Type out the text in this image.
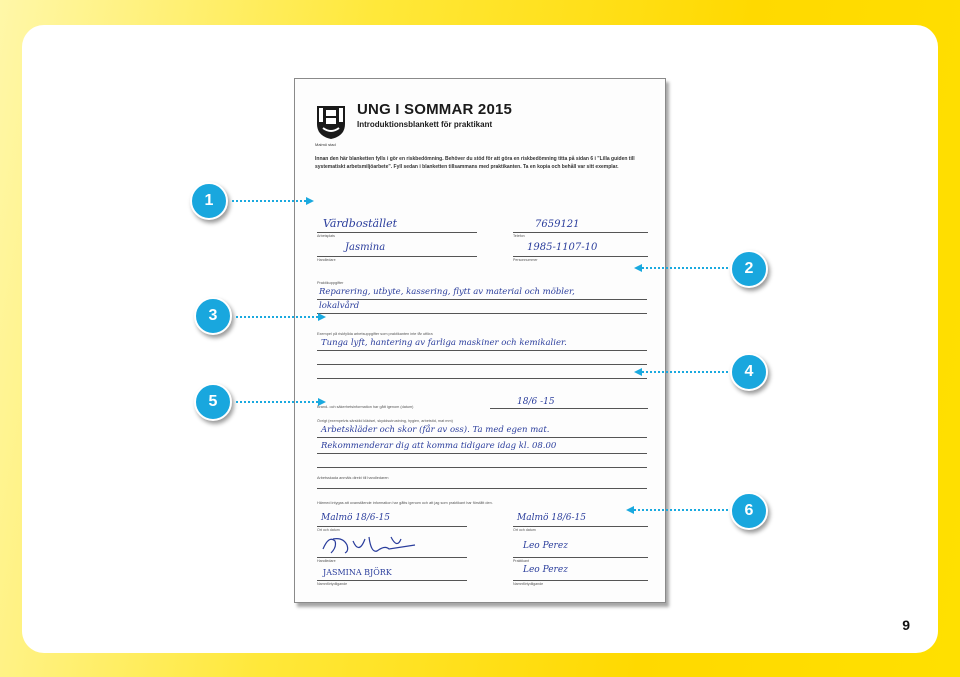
Malmö stad
UNG I SOMMAR 2015
Introduktionsblankett för praktikant
Innan den här blanketten fylls i gör en riskbedömning. Behöver du stöd för att göra en riskbedömning titta på sidan 6 i "Lilla guiden till systematiskt arbetsmiljöarbete". Fyll sedan i blanketten tillsammans med praktikanten. Ta en kopia och behåll var sitt exemplar.
Värdbostället
Arbetsplats
7659121
Telefon
Jasmina
Handledare
1985-1107-10
Personnummer
Praktikuppgifter
Reparering, utbyte, kassering, flytt av material och möbler,
lokalvård
Exempel på riskfyllda arbetsuppgifter som praktikanten inte får utföra
Tunga lyft, hantering av farliga maskiner och kemikalier.
Brand- och säkerhetsinformation har gått igenom (datum)	18/6 -15
Övrigt (exempelvis särskild klädsel, skyddsutrustning, hygien, arbetstid, mat mm)
Arbetskläder och skor (får av oss). Ta med egen mat.
Rekommenderar dig att komma tidigare idag kl. 08.00
Arbetsskada anmäls direkt till handledaren
Härmed intygas att ovanstående information har gåtts igenom och att jag som praktikant har förstått den.
Malmö 18/6-15
Ort och datum
Malmö 18/6-15
Ort och datum
Handledare
Leo Perez
Praktikant
JASMINA BJÖRK
Namnförtydligande
Leo Perez
Namnförtydligande
1
2
3
4
5
6
9
